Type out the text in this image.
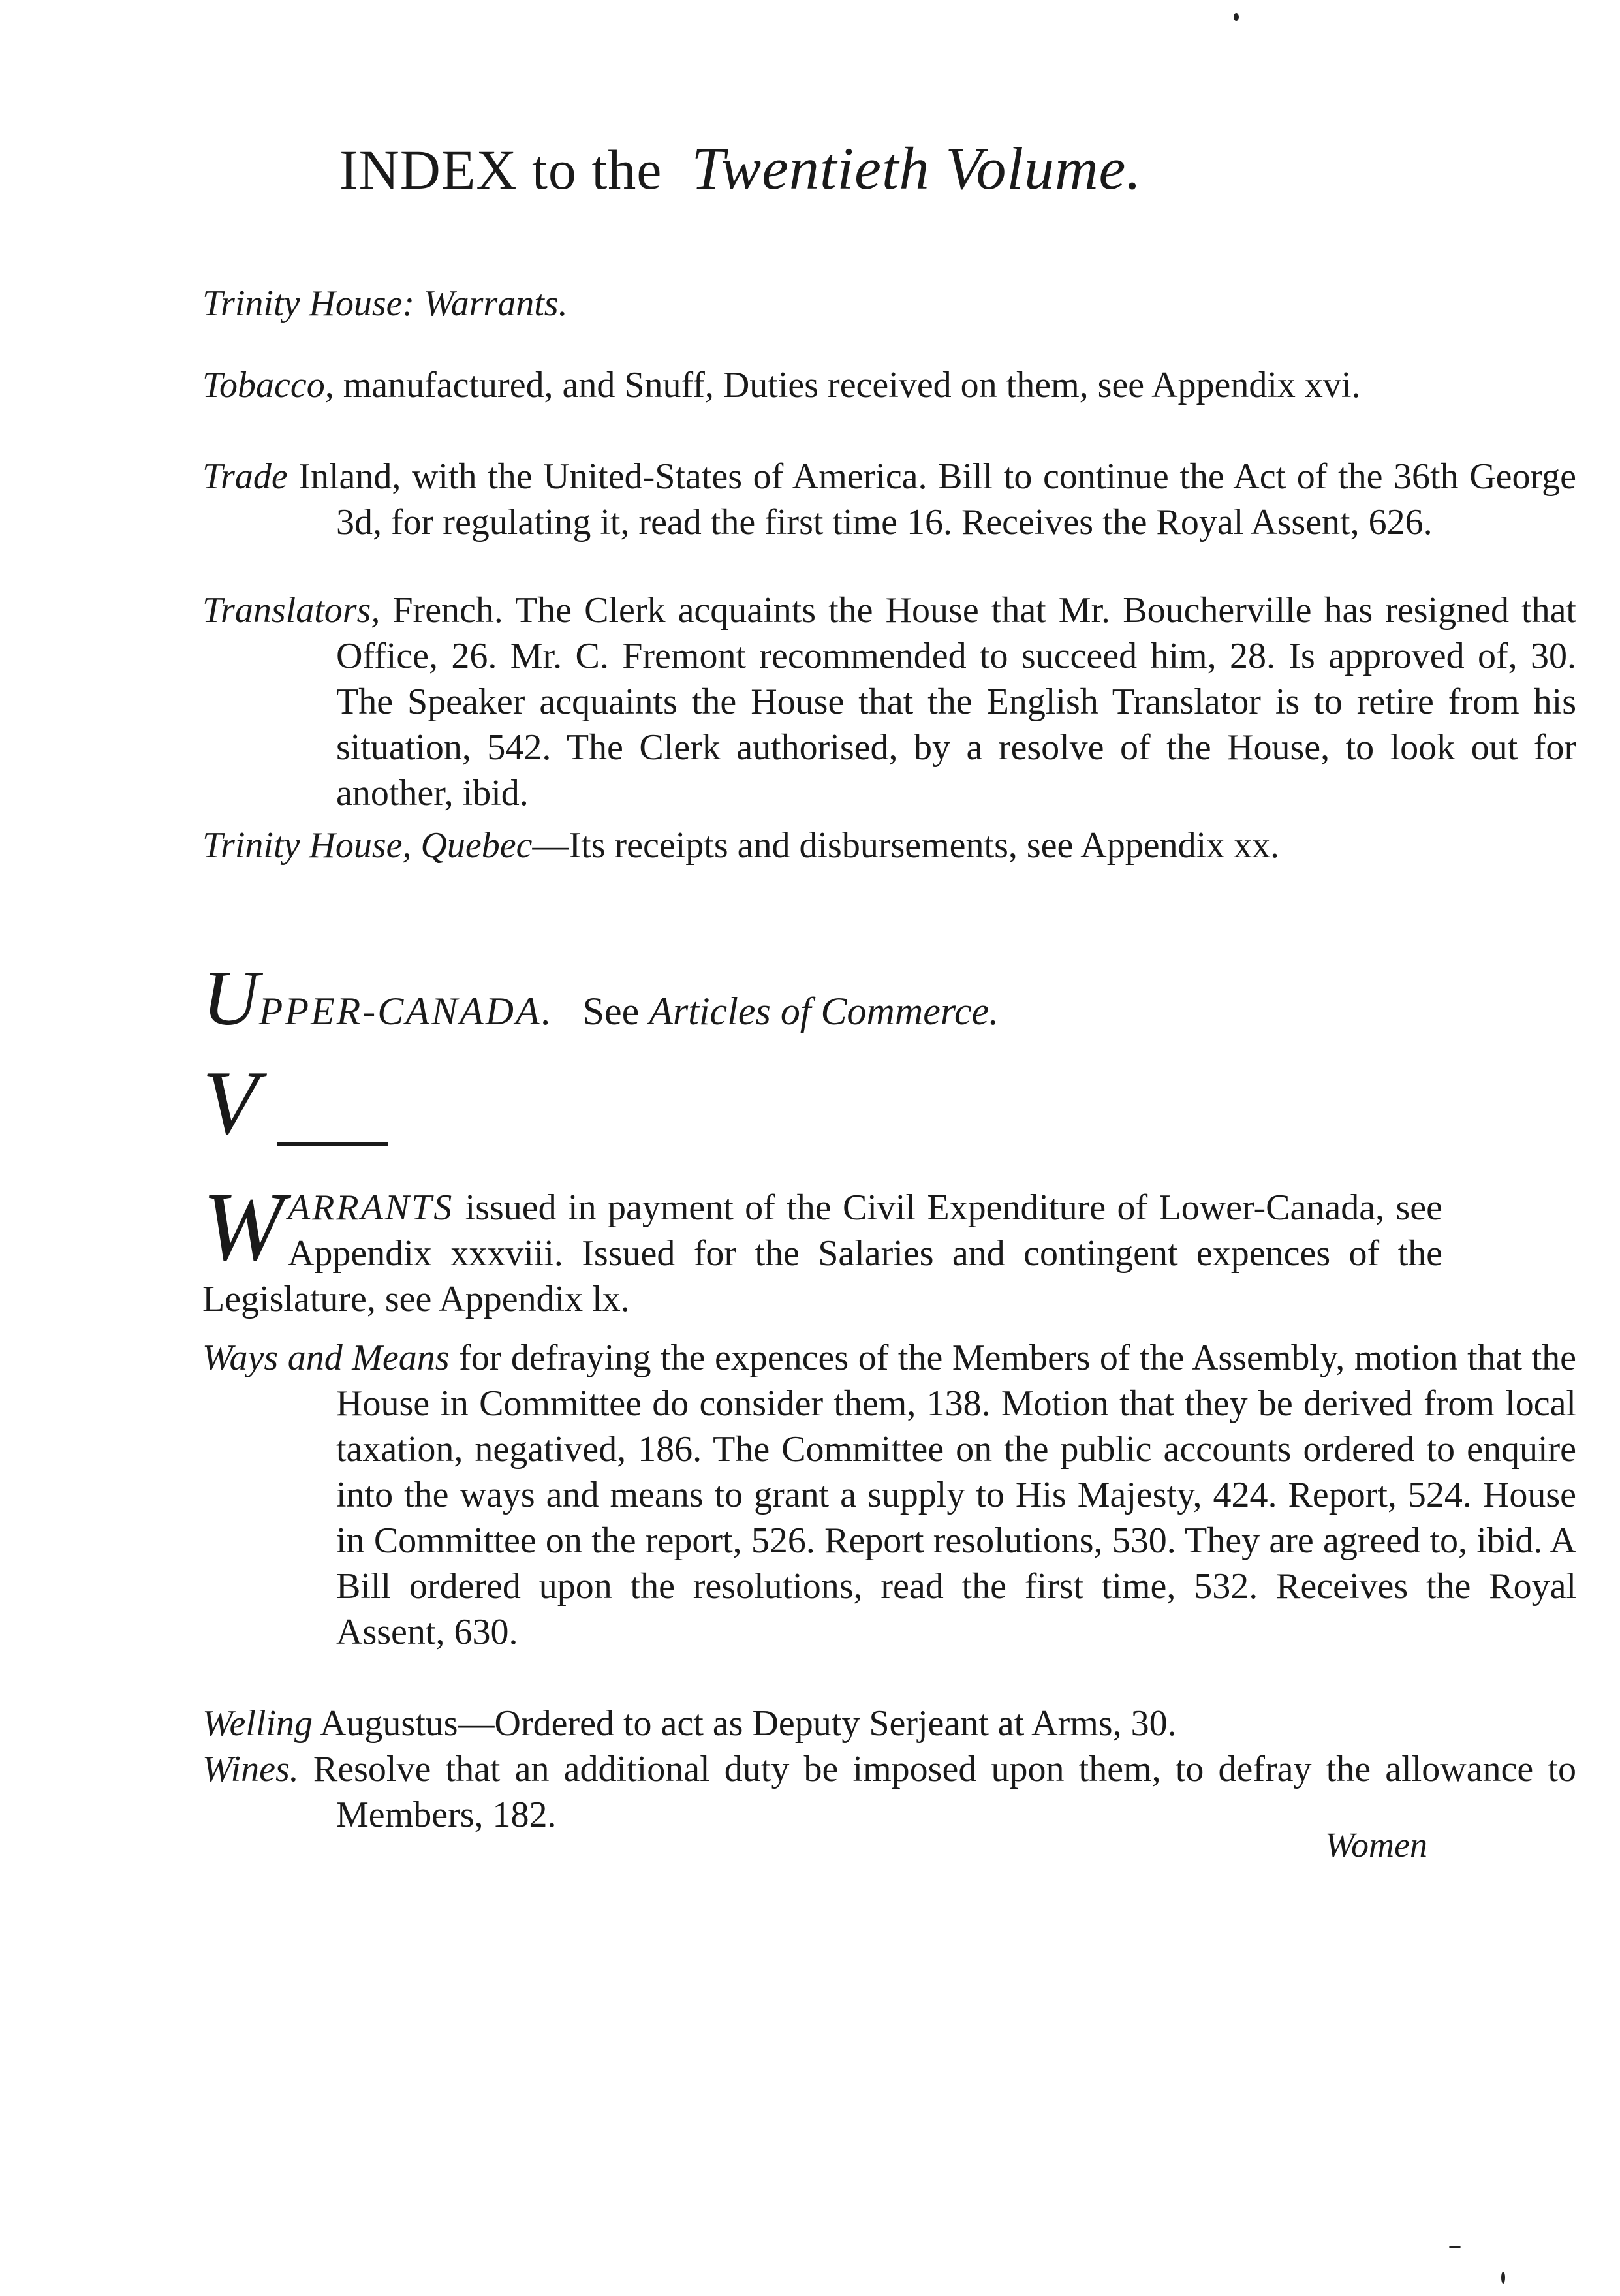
INDEX to the Twentieth Volume.
Trinity House: Warrants.
Tobacco, manufactured, and Snuff, Duties received on them, see Appendix xvi.
Trade Inland, with the United-States of America. Bill to continue the Act of the 36th George 3d, for regulating it, read the first time 16. Receives the Royal Assent, 626.
Translators, French. The Clerk acquaints the House that Mr. Boucherville has resigned that Office, 26. Mr. C. Fremont recommended to succeed him, 28. Is approved of, 30. The Speaker acquaints the House that the English Translator is to retire from his situation, 542. The Clerk authorised, by a resolve of the House, to look out for another, ibid.
Trinity House, Quebec—Its receipts and disbursements, see Appendix xx.
UPPER-CANADA. See Articles of Commerce.
V
WARRANTS issued in payment of the Civil Expenditure of Lower-Canada, see Appendix xxxviii. Issued for the Salaries and contingent expences of the Legislature, see Appendix lx.
Ways and Means for defraying the expences of the Members of the Assembly, motion that the House in Committee do consider them, 138. Motion that they be derived from local taxation, negatived, 186. The Committee on the public accounts ordered to enquire into the ways and means to grant a supply to His Majesty, 424. Report, 524. House in Committee on the report, 526. Report resolutions, 530. They are agreed to, ibid. A Bill ordered upon the resolutions, read the first time, 532. Receives the Royal Assent, 630.
Welling Augustus—Ordered to act as Deputy Serjeant at Arms, 30.
Wines. Resolve that an additional duty be imposed upon them, to defray the allowance to Members, 182.
Women
